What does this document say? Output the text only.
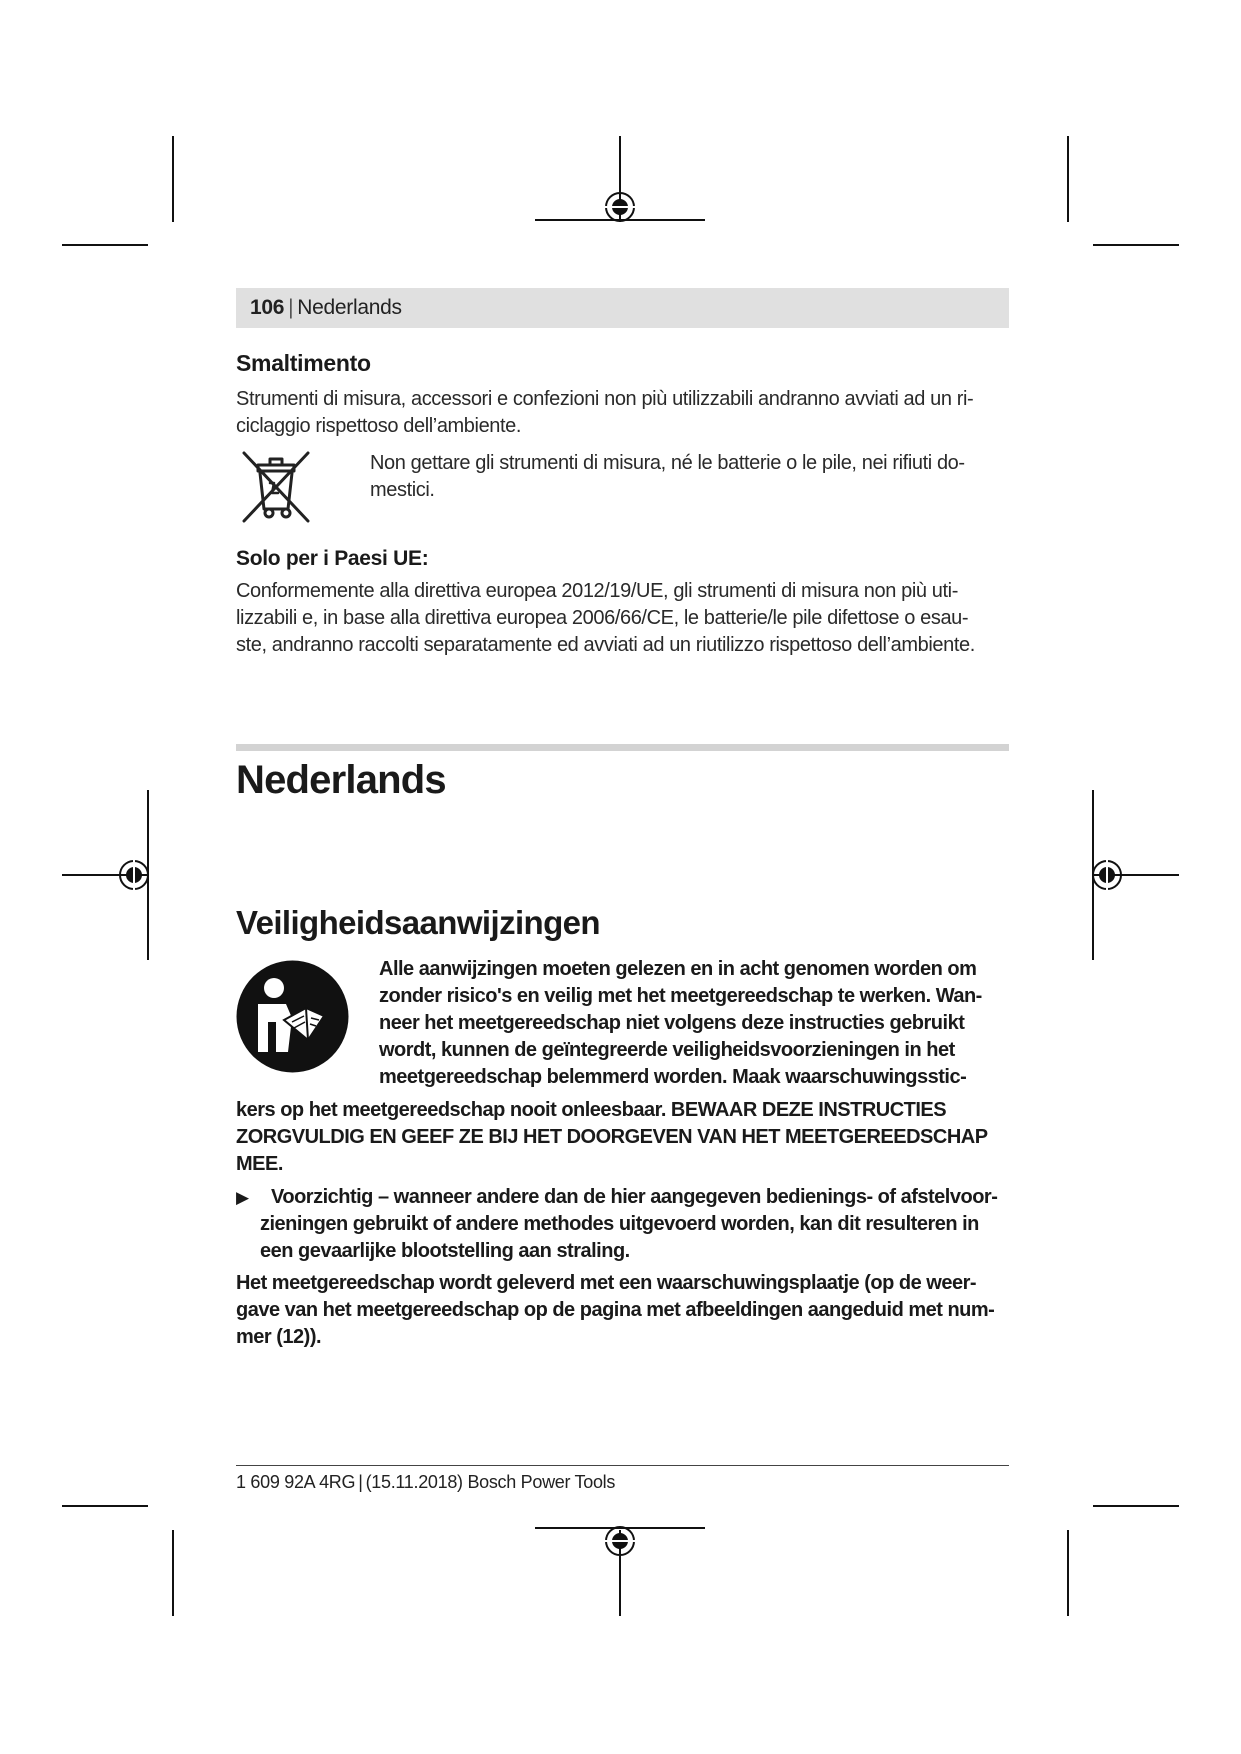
106 | Nederlands
Smaltimento

Strumenti di misura, accessori e confezioni non più utilizzabili andranno avviati ad un ri-
ciclaggio rispettoso dell’ambiente.

Non gettare gli strumenti di misura, né le batterie o le pile, nei rifiuti do-
mestici.

Solo per i Paesi UE:

Conformemente alla direttiva europea 2012/19/UE, gli strumenti di misura non più uti-
lizzabili e, in base alla direttiva europea 2006/66/CE, le batterie/le pile difettose o esau-
ste, andranno raccolti separatamente ed avviati ad un riutilizzo rispettoso dell’ambiente.

Nederlands
Veiligheidsaanwijzingen

Alle aanwijzingen moeten gelezen en in acht genomen worden om
zonder risico's en veilig met het meetgereedschap te werken. Wan-
neer het meetgereedschap niet volgens deze instructies gebruikt
wordt, kunnen de geïntegreerde veiligheidsvoorzieningen in het
meetgereedschap belemmerd worden. Maak waarschuwingsstic-

kers op het meetgereedschap nooit onleesbaar. BEWAAR DEZE INSTRUCTIES
ZORGVULDIG EN GEEF ZE BIJ HET DOORGEVEN VAN HET MEETGEREEDSCHAP
MEE.

▶	Voorzichtig – wanneer andere dan de hier aangegeven bedienings- of afstelvoor-
zieningen gebruikt of andere methodes uitgevoerd worden, kan dit resulteren in
een gevaarlijke blootstelling aan straling.

Het meetgereedschap wordt geleverd met een waarschuwingsplaatje (op de weer-
gave van het meetgereedschap op de pagina met afbeeldingen aangeduid met num-
mer (12)).

1 609 92A 4RG | (15.11.2018) Bosch Power Tools
